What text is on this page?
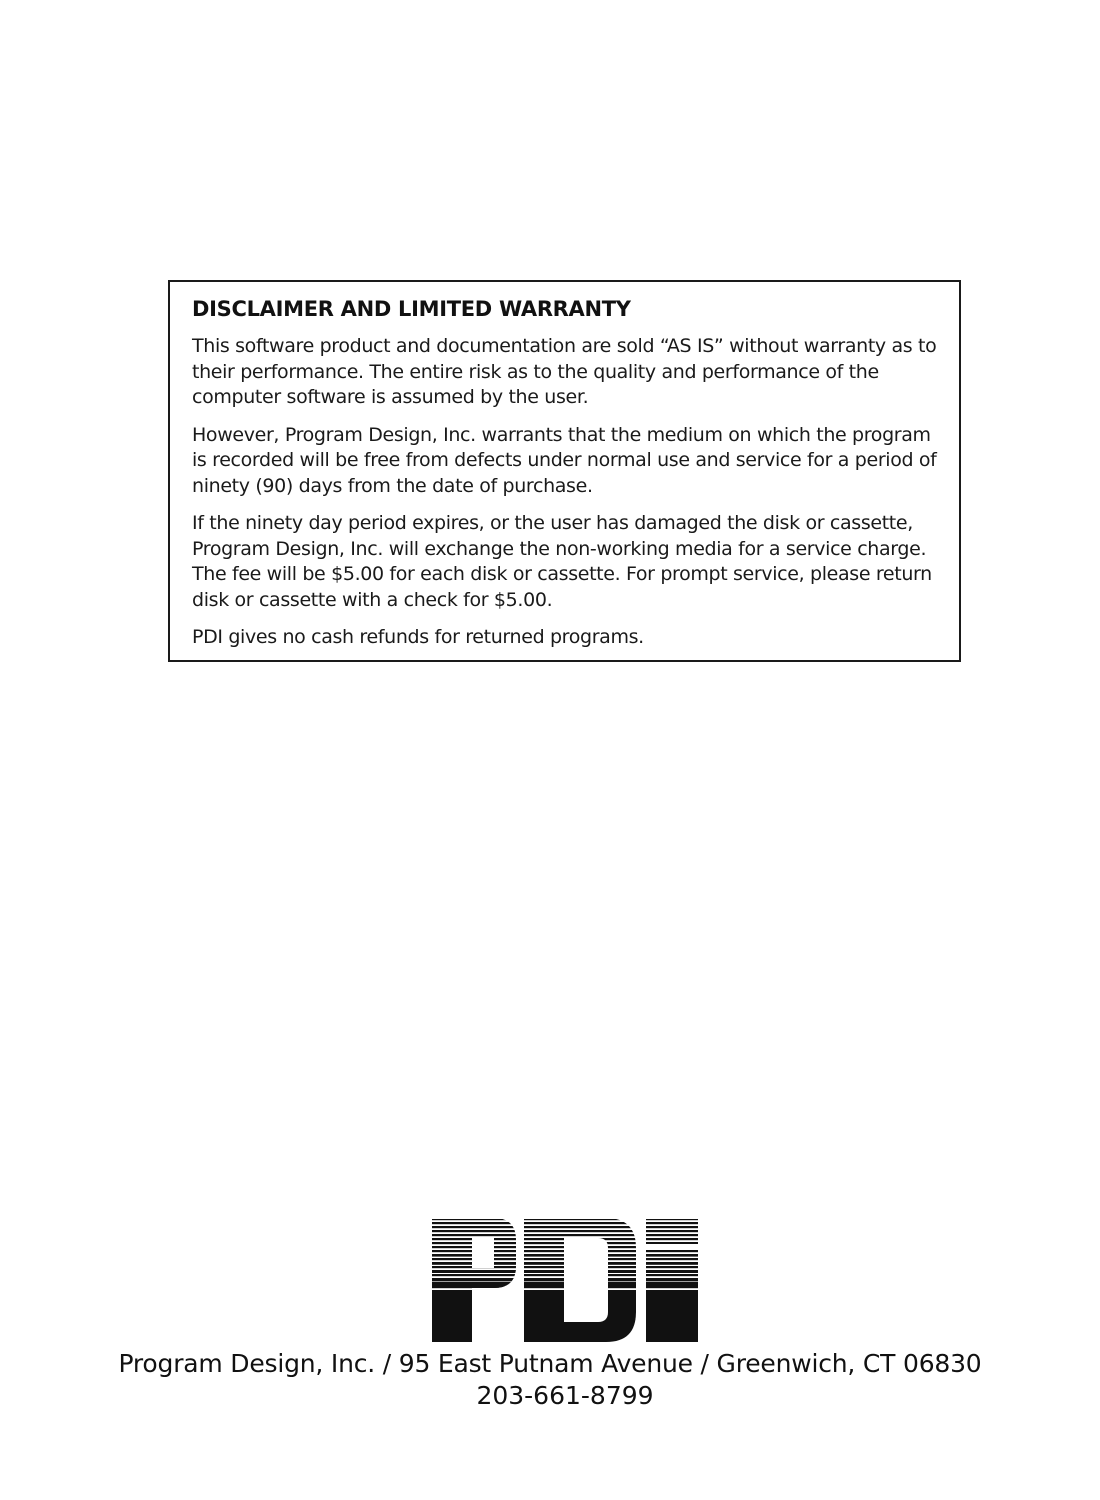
DISCLAIMER AND LIMITED WARRANTY

This software product and documentation are sold “AS IS” without warranty as to their performance. The entire risk as to the quality and performance of the computer software is assumed by the user.

However, Program Design, Inc. warrants that the medium on which the program is recorded will be free from defects under normal use and service for a period of ninety (90) days from the date of purchase.

If the ninety day period expires, or the user has damaged the disk or cassette, Program Design, Inc. will exchange the non-working media for a service charge. The fee will be $5.00 for each disk or cassette. For prompt service, please return disk or cassette with a check for $5.00.

PDI gives no cash refunds for returned programs.

Program Design, Inc. / 95 East Putnam Avenue / Greenwich, CT 06830
203-661-8799
